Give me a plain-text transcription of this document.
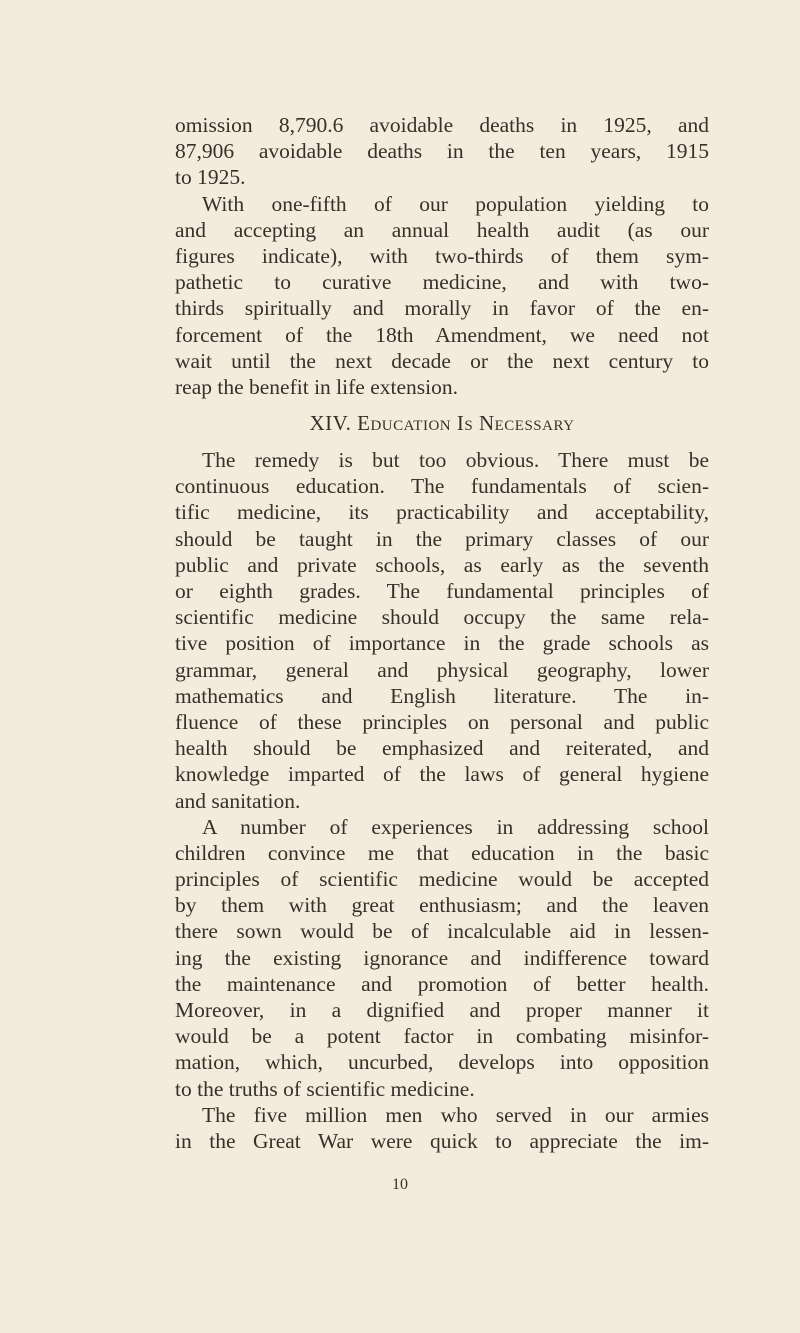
omission 8,790.6 avoidable deaths in 1925, and
87,906 avoidable deaths in the ten years, 1915
to 1925.
With one-fifth of our population yielding to
and accepting an annual health audit (as our
figures indicate), with two-thirds of them sym-
pathetic to curative medicine, and with two-
thirds spiritually and morally in favor of the en-
forcement of the 18th Amendment, we need not
wait until the next decade or the next century to
reap the benefit in life extension.
XIV. Education Is Necessary
The remedy is but too obvious. There must be
continuous education. The fundamentals of scien-
tific medicine, its practicability and acceptability,
should be taught in the primary classes of our
public and private schools, as early as the seventh
or eighth grades. The fundamental principles of
scientific medicine should occupy the same rela-
tive position of importance in the grade schools as
grammar, general and physical geography, lower
mathematics and English literature. The in-
fluence of these principles on personal and public
health should be emphasized and reiterated, and
knowledge imparted of the laws of general hygiene
and sanitation.
A number of experiences in addressing school
children convince me that education in the basic
principles of scientific medicine would be accepted
by them with great enthusiasm; and the leaven
there sown would be of incalculable aid in lessen-
ing the existing ignorance and indifference toward
the maintenance and promotion of better health.
Moreover, in a dignified and proper manner it
would be a potent factor in combating misinfor-
mation, which, uncurbed, develops into opposition
to the truths of scientific medicine.
The five million men who served in our armies
in the Great War were quick to appreciate the im-
10
